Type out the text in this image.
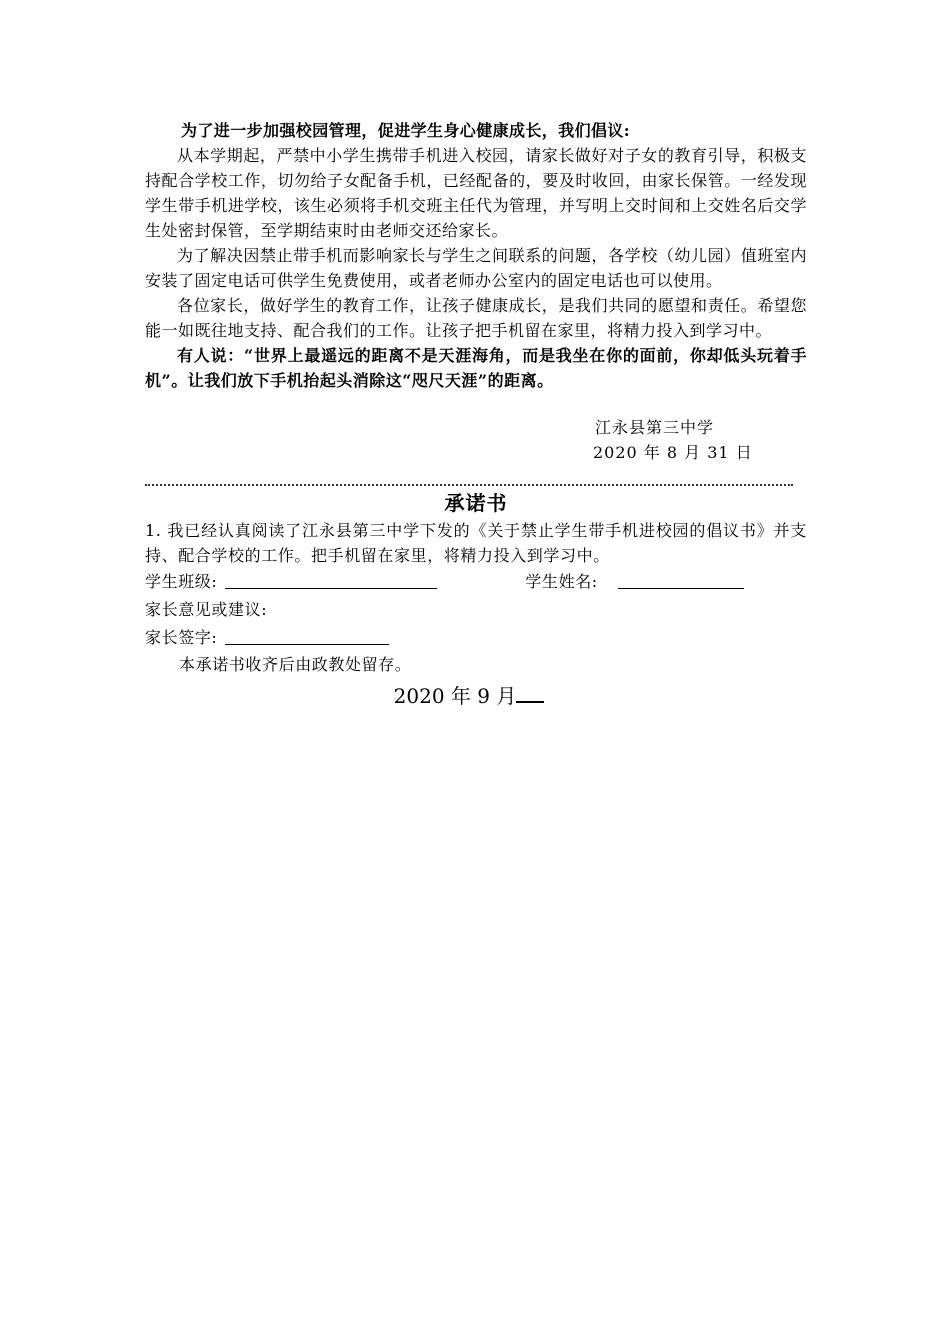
为了进一步加强校园管理，促进学生身心健康成长，我们倡议:

从本学期起，严禁中小学生携带手机进入校园，请家长做好对子女的教育引导，积极支持配合学校工作，切勿给子女配备手机，已经配备的，要及时收回，由家长保管。一经发现学生带手机进学校，该生必须将手机交班主任代为管理，并写明上交时间和上交姓名后交学生处密封保管，至学期结束时由老师交还给家长。

为了解决因禁止带手机而影响家长与学生之间联系的问题，各学校（幼儿园）值班室内安装了固定电话可供学生免费使用，或者老师办公室内的固定电话也可以使用。

各位家长，做好学生的教育工作，让孩子健康成长，是我们共同的愿望和责任。希望您能一如既往地支持、配合我们的工作。让孩子把手机留在家里，将精力投入到学习中。

有人说：“世界上最遥远的距离不是天涯海角，而是我坐在你的面前，你却低头玩着手机”。让我们放下手机抬起头消除这“咫尺天涯”的距离。

江永县第三中学

2020 年 8 月 31 日

承诺书

1. 我已经认真阅读了江永县第三中学下发的《关于禁止学生带手机进校园的倡议书》并支持、配合学校的工作。把手机留在家里，将精力投入到学习中。

学生班级:	学生姓名:
家长意见或建议:
家长签字:
本承诺书收齐后由政教处留存。
2020 年 9 月
